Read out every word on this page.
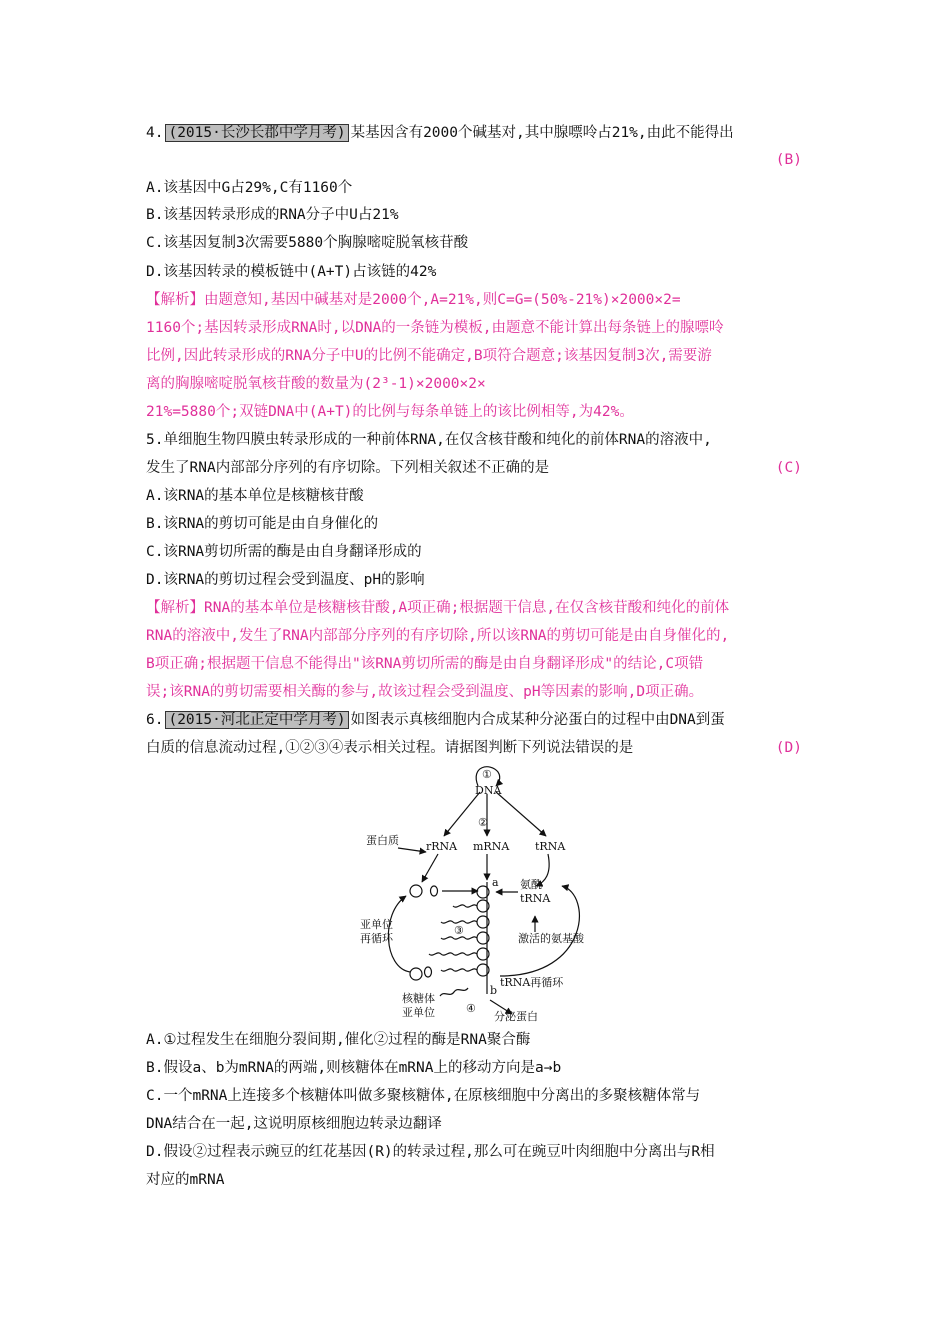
4. (2015·长沙长郡中学月考) 某基因含有2000个碱基对,其中腺嘌呤占21%,由此不能得出
(B)
A.该基因中G占29%,C有1160个
B.该基因转录形成的RNA分子中U占21%
C.该基因复制3次需要5880个胸腺嘧啶脱氧核苷酸
D.该基因转录的模板链中(A+T)占该链的42%
【解析】由题意知,基因中碱基对是2000个,A=21%,则C=G=(50%-21%)×2000×2=
1160个;基因转录形成RNA时,以DNA的一条链为模板,由题意不能计算出每条链上的腺嘌呤
比例,因此转录形成的RNA分子中U的比例不能确定,B项符合题意;该基因复制3次,需要游
离的胸腺嘧啶脱氧核苷酸的数量为(2³-1)×2000×2×
21%=5880个;双链DNA中(A+T)的比例与每条单链上的该比例相等,为42%。
5.单细胞生物四膜虫转录形成的一种前体RNA,在仅含核苷酸和纯化的前体RNA的溶液中,
发生了RNA内部部分序列的有序切除。下列相关叙述不正确的是	(C)
A.该RNA的基本单位是核糖核苷酸
B.该RNA的剪切可能是由自身催化的
C.该RNA剪切所需的酶是由自身翻译形成的
D.该RNA的剪切过程会受到温度、pH的影响
【解析】RNA的基本单位是核糖核苷酸,A项正确;根据题干信息,在仅含核苷酸和纯化的前体
RNA的溶液中,发生了RNA内部部分序列的有序切除,所以该RNA的剪切可能是由自身催化的,
B项正确;根据题干信息不能得出"该RNA剪切所需的酶是由自身翻译形成"的结论,C项错
误;该RNA的剪切需要相关酶的参与,故该过程会受到温度、pH等因素的影响,D项正确。
6. (2015·河北正定中学月考) 如图表示真核细胞内合成某种分泌蛋白的过程中由DNA到蛋
白质的信息流动过程,①②③④表示相关过程。请据图判断下列说法错误的是	(D)
①
DNA
②
蛋白质 rRNA mRNA tRNA
a 氨酰
tRNA
亚单位
再循环
③
激活的氨基酸
tRNA再循环
b
核糖体
亚单位	④
分泌蛋白
A.①过程发生在细胞分裂间期,催化②过程的酶是RNA聚合酶
B.假设a、b为mRNA的两端,则核糖体在mRNA上的移动方向是a→b
C.一个mRNA上连接多个核糖体叫做多聚核糖体,在原核细胞中分离出的多聚核糖体常与
DNA结合在一起,这说明原核细胞边转录边翻译
D.假设②过程表示豌豆的红花基因(R)的转录过程,那么可在豌豆叶肉细胞中分离出与R相
对应的mRNA
